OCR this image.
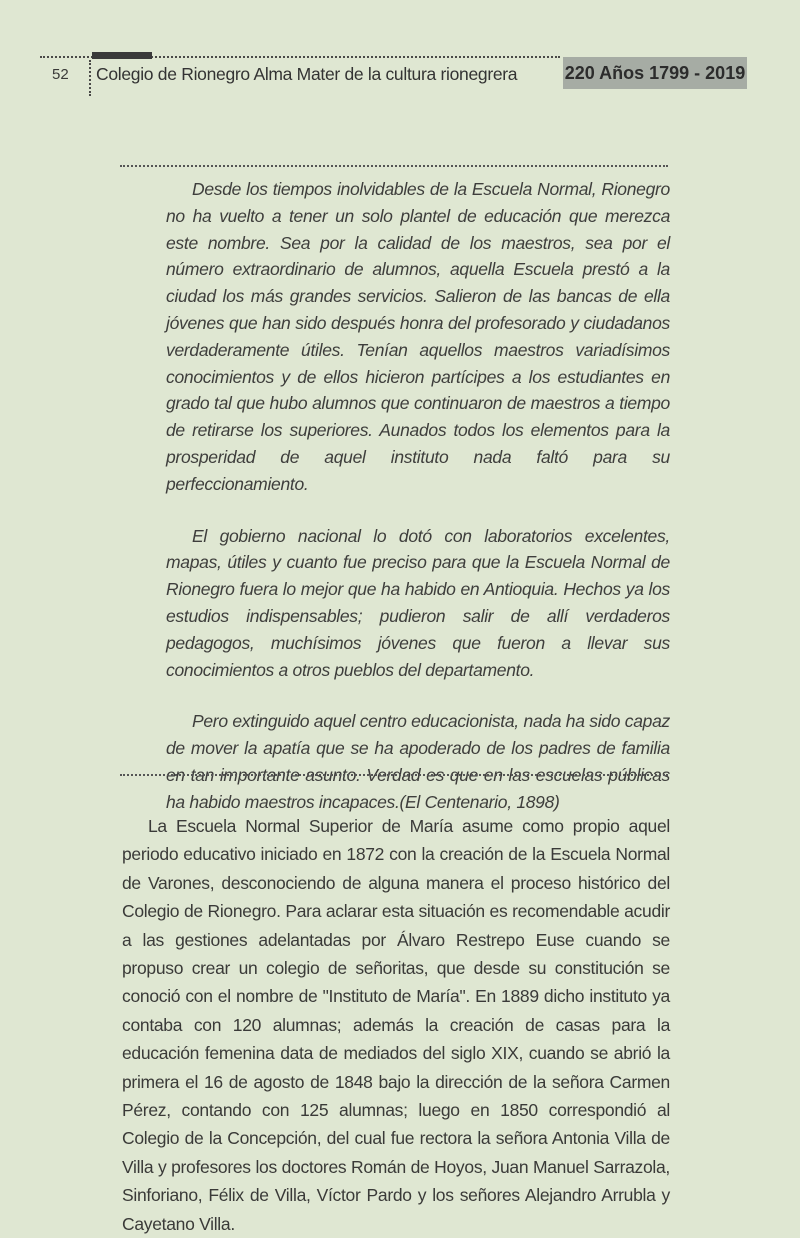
52 Colegio de Rionegro Alma Mater de la cultura rionegrera	220 Años 1799 - 2019

Desde los tiempos inolvidables de la Escuela Normal, Rionegro no ha vuelto a tener un solo plantel de educación que merezca este nombre. Sea por la calidad de los maestros, sea por el número extraordinario de alumnos, aquella Escuela prestó a la ciudad los más grandes servicios. Salieron de las bancas de ella jóvenes que han sido después honra del profesorado y ciudadanos verdaderamente útiles. Tenían aquellos maestros variadísimos conocimientos y de ellos hicieron partícipes a los estudiantes en grado tal que hubo alumnos que continuaron de maestros a tiempo de retirarse los superiores. Aunados todos los elementos para la prosperidad de aquel instituto nada faltó para su perfeccionamiento.

El gobierno nacional lo dotó con laboratorios excelentes, mapas, útiles y cuanto fue preciso para que la Escuela Normal de Rionegro fuera lo mejor que ha habido en Antioquia. Hechos ya los estudios indispensables; pudieron salir de allí verdaderos pedagogos, muchísimos jóvenes que fueron a llevar sus conocimientos a otros pueblos del departamento.

Pero extinguido aquel centro educacionista, nada ha sido capaz de mover la apatía que se ha apoderado de los padres de familia en tan importante asunto. Verdad es que en las escuelas públicas ha habido maestros incapaces.(El Centenario, 1898)

La Escuela Normal Superior de María asume como propio aquel periodo educativo iniciado en 1872 con la creación de la Escuela Normal de Varones, desconociendo de alguna manera el proceso histórico del Colegio de Rionegro. Para aclarar esta situación es recomendable acudir a las gestiones adelantadas por Álvaro Restrepo Euse cuando se propuso crear un colegio de señoritas, que desde su constitución se conoció con el nombre de "Instituto de María". En 1889 dicho instituto ya contaba con 120 alumnas; además la creación de casas para la educación femenina data de mediados del siglo XIX, cuando se abrió la primera el 16 de agosto de 1848 bajo la dirección de la señora Carmen Pérez, contando con 125 alumnas; luego en 1850 correspondió al Colegio de la Concepción, del cual fue rectora la señora Antonia Villa de Villa y profesores los doctores Román de Hoyos, Juan Manuel Sarrazola, Sinforiano, Félix de Villa, Víctor Pardo y los señores Alejandro Arrubla y Cayetano Villa.
